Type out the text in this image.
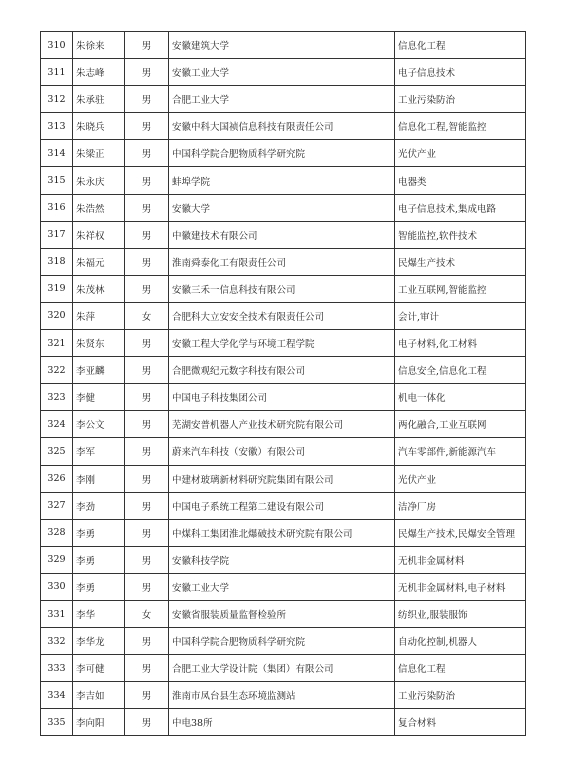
310	朱徐来	男	安徽建筑大学	信息化工程
311	朱志峰	男	安徽工业大学	电子信息技术
312	朱承驻	男	合肥工业大学	工业污染防治
313	朱晓兵	男	安徽中科大国祯信息科技有限责任公司	信息化工程,智能监控
314	朱梁正	男	中国科学院合肥物质科学研究院	光伏产业
315	朱永庆	男	蚌埠学院	电器类
316	朱浩然	男	安徽大学	电子信息技术,集成电路
317	朱祥权	男	中徽建技术有限公司	智能监控,软件技术
318	朱福元	男	淮南舜泰化工有限责任公司	民爆生产技术
319	朱茂林	男	安徽三禾一信息科技有限公司	工业互联网,智能监控
320	朱萍	女	合肥科大立安安全技术有限责任公司	会计,审计
321	朱贤东	男	安徽工程大学化学与环境工程学院	电子材料,化工材料
322	李亚麟	男	合肥微观纪元数字科技有限公司	信息安全,信息化工程
323	李健	男	中国电子科技集团公司	机电一体化
324	李公文	男	芜湖安普机器人产业技术研究院有限公司	两化融合,工业互联网
325	李军	男	蔚来汽车科技（安徽）有限公司	汽车零部件,新能源汽车
326	李刚	男	中建材玻璃新材料研究院集团有限公司	光伏产业
327	李劲	男	中国电子系统工程第二建设有限公司	洁净厂房
328	李勇	男	中煤科工集团淮北爆破技术研究院有限公司	民爆生产技术,民爆安全管理
329	李勇	男	安徽科技学院	无机非金属材料
330	李勇	男	安徽工业大学	无机非金属材料,电子材料
331	李华	女	安徽省服装质量监督检验所	纺织业,服装服饰
332	李华龙	男	中国科学院合肥物质科学研究院	自动化控制,机器人
333	李可健	男	合肥工业大学设计院（集团）有限公司	信息化工程
334	李吉如	男	淮南市凤台县生态环境监测站	工业污染防治
335	李向阳	男	中电38所	复合材料
